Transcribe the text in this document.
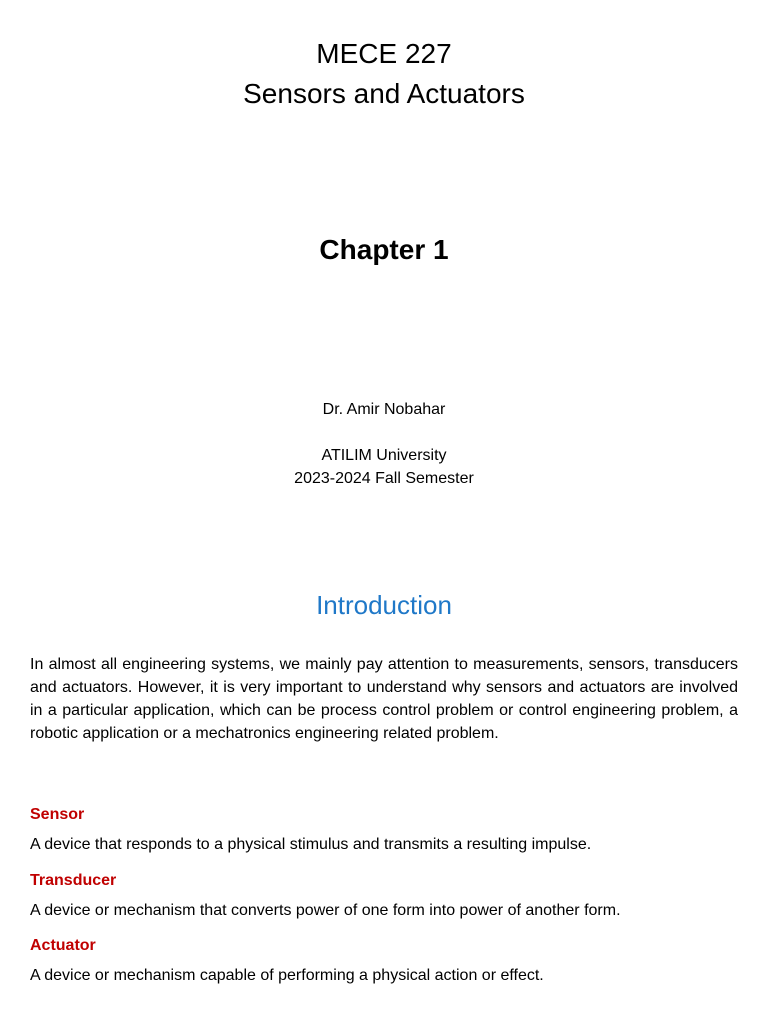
MECE 227
Sensors and Actuators
Chapter 1
Dr. Amir Nobahar
ATILIM University
2023-2024 Fall Semester
Introduction

In almost all engineering systems, we mainly pay attention to measurements, sensors, transducers and actuators. However, it is very important to understand why sensors and actuators are involved in a particular application, which can be process control problem or control engineering problem, a robotic application or a mechatronics engineering related problem.

Sensor

A device that responds to a physical stimulus and transmits a resulting impulse.

Transducer

A device or mechanism that converts power of one form into power of another form.

Actuator

A device or mechanism capable of performing a physical action or effect.
